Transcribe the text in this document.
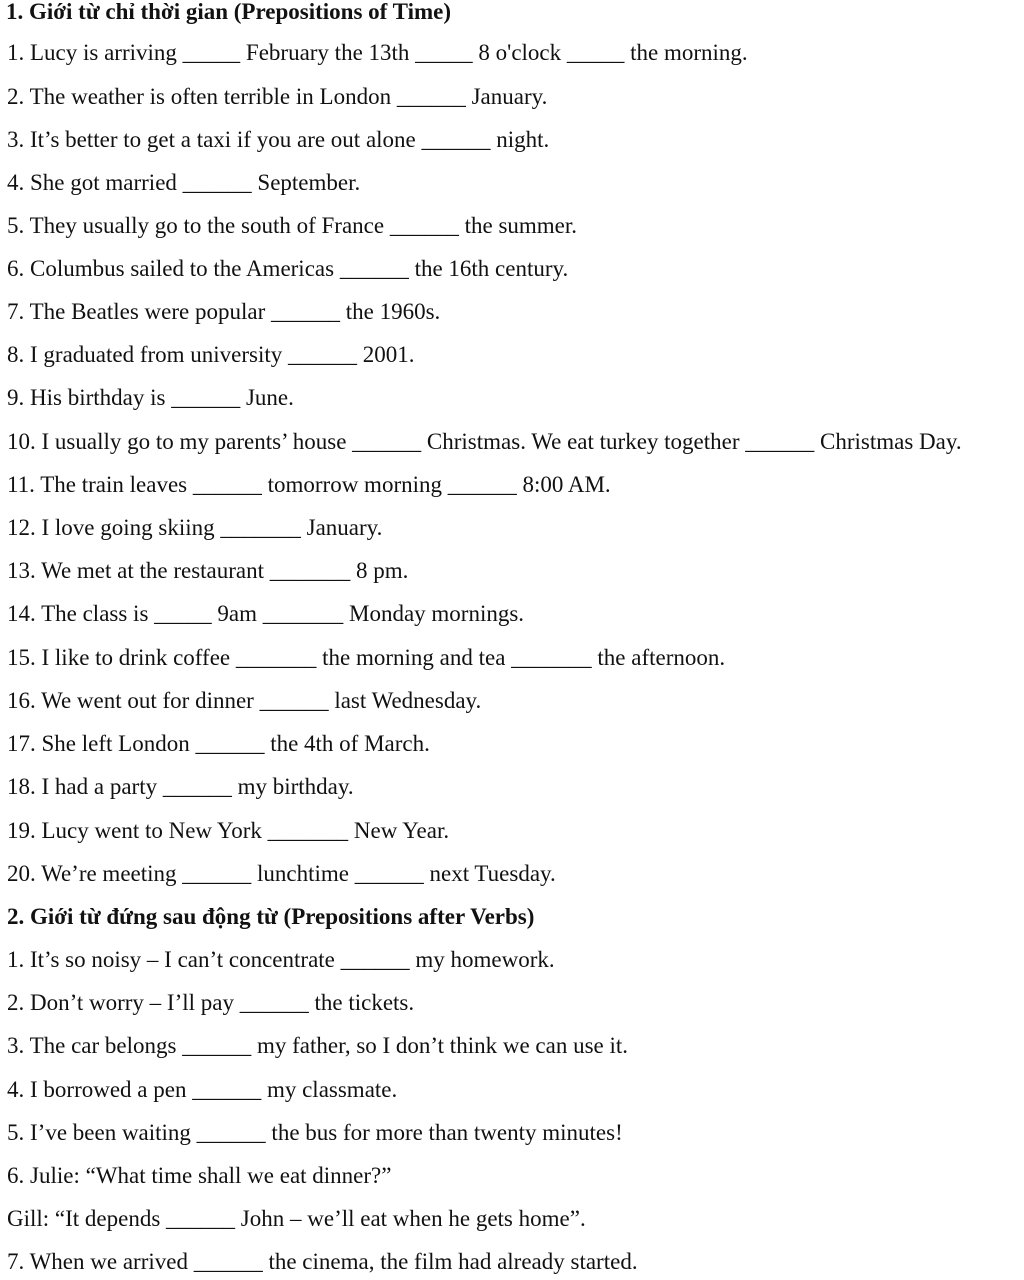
1. Giới từ chỉ thời gian (Prepositions of Time)

1. Lucy is arriving _____ February the 13th _____ 8 o'clock _____ the morning.

2. The weather is often terrible in London ______ January.

3. It’s better to get a taxi if you are out alone ______ night.

4. She got married ______ September.

5. They usually go to the south of France ______ the summer.

6. Columbus sailed to the Americas ______ the 16th century.

7. The Beatles were popular ______ the 1960s.

8. I graduated from university ______ 2001.

9. His birthday is ______ June.

10. I usually go to my parents’ house ______ Christmas. We eat turkey together ______ Christmas Day.

11. The train leaves ______ tomorrow morning ______ 8:00 AM.

12. I love going skiing _______ January.

13. We met at the restaurant _______ 8 pm.

14. The class is _____ 9am _______ Monday mornings.

15. I like to drink coffee _______ the morning and tea _______ the afternoon.

16. We went out for dinner ______ last Wednesday.

17. She left London ______ the 4th of March.

18. I had a party ______ my birthday.

19. Lucy went to New York _______ New Year.

20. We’re meeting ______ lunchtime ______ next Tuesday.

2. Giới từ đứng sau động từ (Prepositions after Verbs)

1. It’s so noisy – I can’t concentrate ______ my homework.

2. Don’t worry – I’ll pay ______ the tickets.

3. The car belongs ______ my father, so I don’t think we can use it.

4. I borrowed a pen ______ my classmate.

5. I’ve been waiting ______ the bus for more than twenty minutes!

6. Julie: “What time shall we eat dinner?”

Gill: “It depends ______ John – we’ll eat when he gets home”.

7. When we arrived ______ the cinema, the film had already started.
